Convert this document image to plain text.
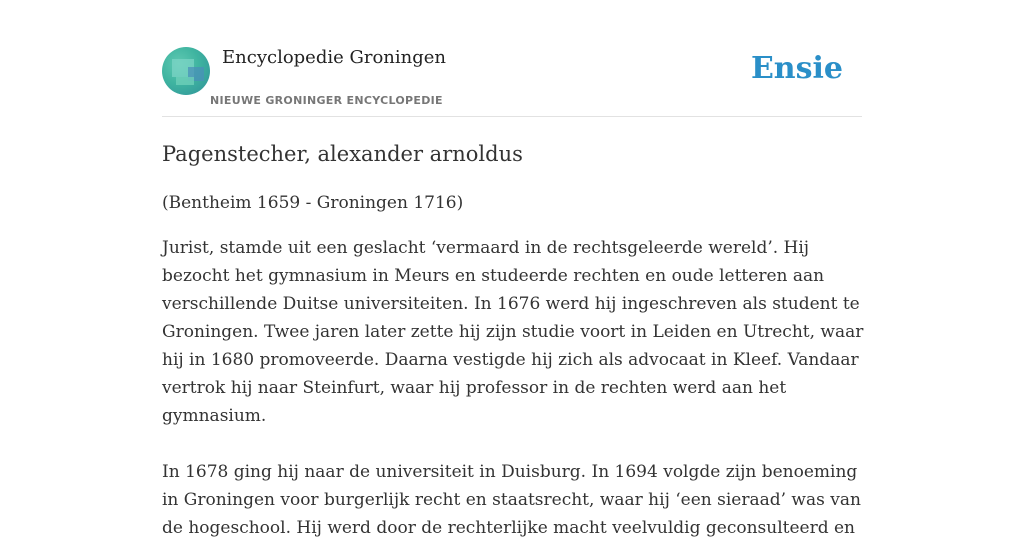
Encyclopedie Groningen
NIEUWE GRONINGER ENCYCLOPEDIE
Ensie
Pagenstecher, alexander arnoldus

(Bentheim 1659 - Groningen 1716)

Jurist, stamde uit een geslacht ‘vermaard in de rechtsgeleerde wereld’. Hij bezocht het gymnasium in Meurs en studeerde rechten en oude letteren aan verschillende Duitse universiteiten. In 1676 werd hij ingeschreven als student te Groningen. Twee jaren later zette hij zijn studie voort in Leiden en Utrecht, waar hij in 1680 promoveerde. Daarna vestigde hij zich als advocaat in Kleef. Vandaar vertrok hij naar Steinfurt, waar hij professor in de rechten werd aan het gymnasium.

In 1678 ging hij naar de universiteit in Duisburg. In 1694 volgde zijn benoeming in Groningen voor burgerlijk recht en staatsrecht, waar hij ‘een sieraad’ was van de hogeschool. Hij werd door de rechterlijke macht veelvuldig geconsulteerd en
